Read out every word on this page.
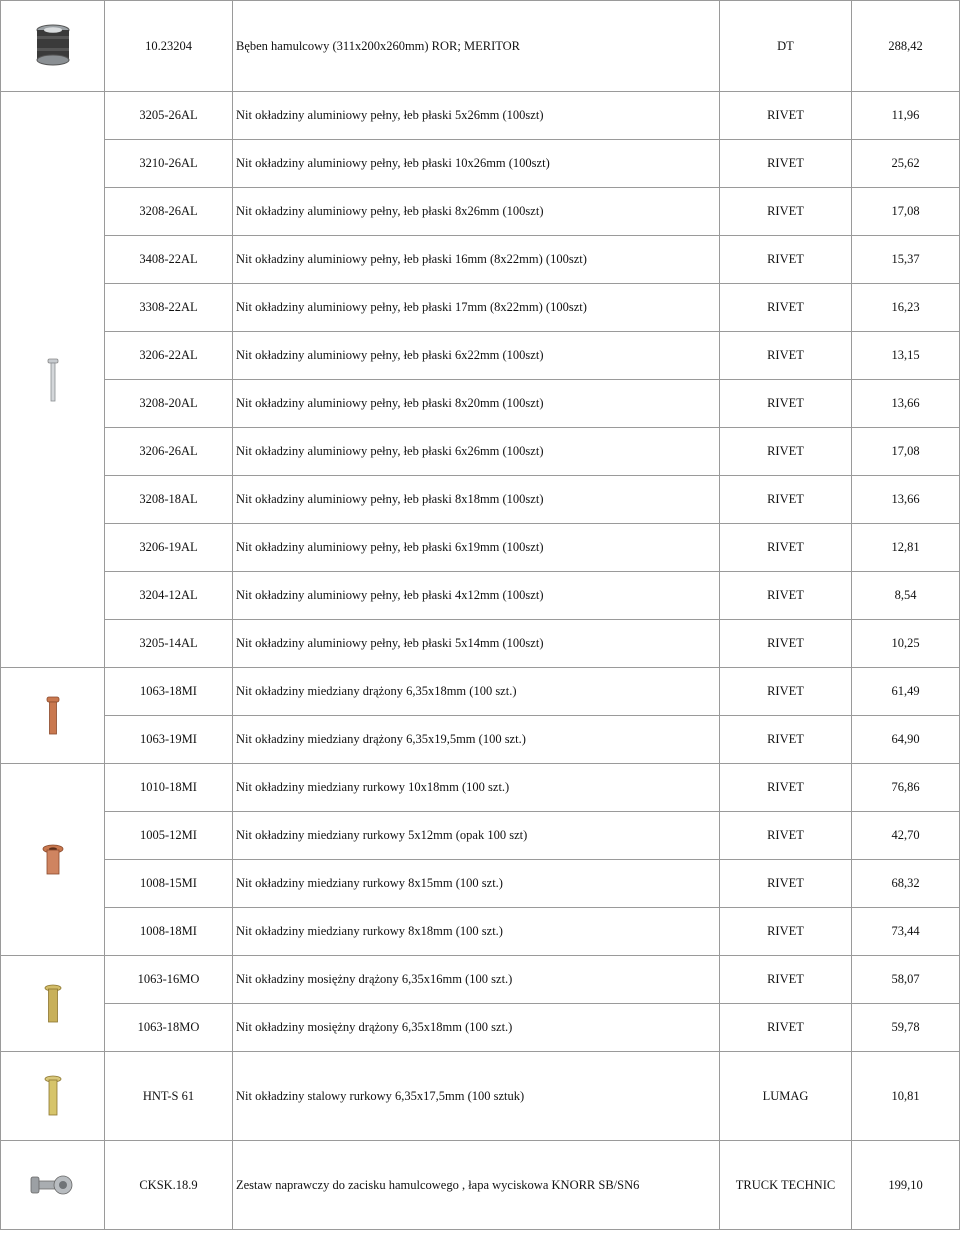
	10.23204	Bęben hamulcowy (311x200x260mm) ROR; MERITOR	DT	288,42
	3205-26AL	Nit okładziny aluminiowy pełny, łeb płaski 5x26mm (100szt)	RIVET	11,96
	3210-26AL	Nit okładziny aluminiowy pełny, łeb płaski 10x26mm (100szt)	RIVET	25,62
	3208-26AL	Nit okładziny aluminiowy pełny, łeb płaski 8x26mm (100szt)	RIVET	17,08
	3408-22AL	Nit okładziny aluminiowy pełny, łeb płaski 16mm (8x22mm) (100szt)	RIVET	15,37
	3308-22AL	Nit okładziny aluminiowy pełny, łeb płaski 17mm (8x22mm) (100szt)	RIVET	16,23
	3206-22AL	Nit okładziny aluminiowy pełny, łeb płaski 6x22mm (100szt)	RIVET	13,15
	3208-20AL	Nit okładziny aluminiowy pełny, łeb płaski 8x20mm (100szt)	RIVET	13,66
	3206-26AL	Nit okładziny aluminiowy pełny, łeb płaski 6x26mm (100szt)	RIVET	17,08
	3208-18AL	Nit okładziny aluminiowy pełny, łeb płaski 8x18mm (100szt)	RIVET	13,66
	3206-19AL	Nit okładziny aluminiowy pełny, łeb płaski 6x19mm (100szt)	RIVET	12,81
	3204-12AL	Nit okładziny aluminiowy pełny, łeb płaski 4x12mm (100szt)	RIVET	8,54
	3205-14AL	Nit okładziny aluminiowy pełny, łeb płaski 5x14mm (100szt)	RIVET	10,25
	1063-18MI	Nit okładziny miedziany drążony 6,35x18mm (100 szt.)	RIVET	61,49
	1063-19MI	Nit okładziny miedziany drążony 6,35x19,5mm (100 szt.)	RIVET	64,90
	1010-18MI	Nit okładziny miedziany rurkowy 10x18mm (100 szt.)	RIVET	76,86
	1005-12MI	Nit okładziny miedziany rurkowy 5x12mm (opak 100 szt)	RIVET	42,70
	1008-15MI	Nit okładziny miedziany rurkowy 8x15mm (100 szt.)	RIVET	68,32
	1008-18MI	Nit okładziny miedziany rurkowy 8x18mm (100 szt.)	RIVET	73,44
	1063-16MO	Nit okładziny mosiężny drążony 6,35x16mm (100 szt.)	RIVET	58,07
	1063-18MO	Nit okładziny mosiężny drążony 6,35x18mm (100 szt.)	RIVET	59,78
	HNT-S 61	Nit okładziny stalowy rurkowy 6,35x17,5mm (100 sztuk)	LUMAG	10,81
	CKSK.18.9	Zestaw naprawczy do zacisku hamulcowego , łapa wyciskowa KNORR SB/SN6	TRUCK TECHNIC	199,10
